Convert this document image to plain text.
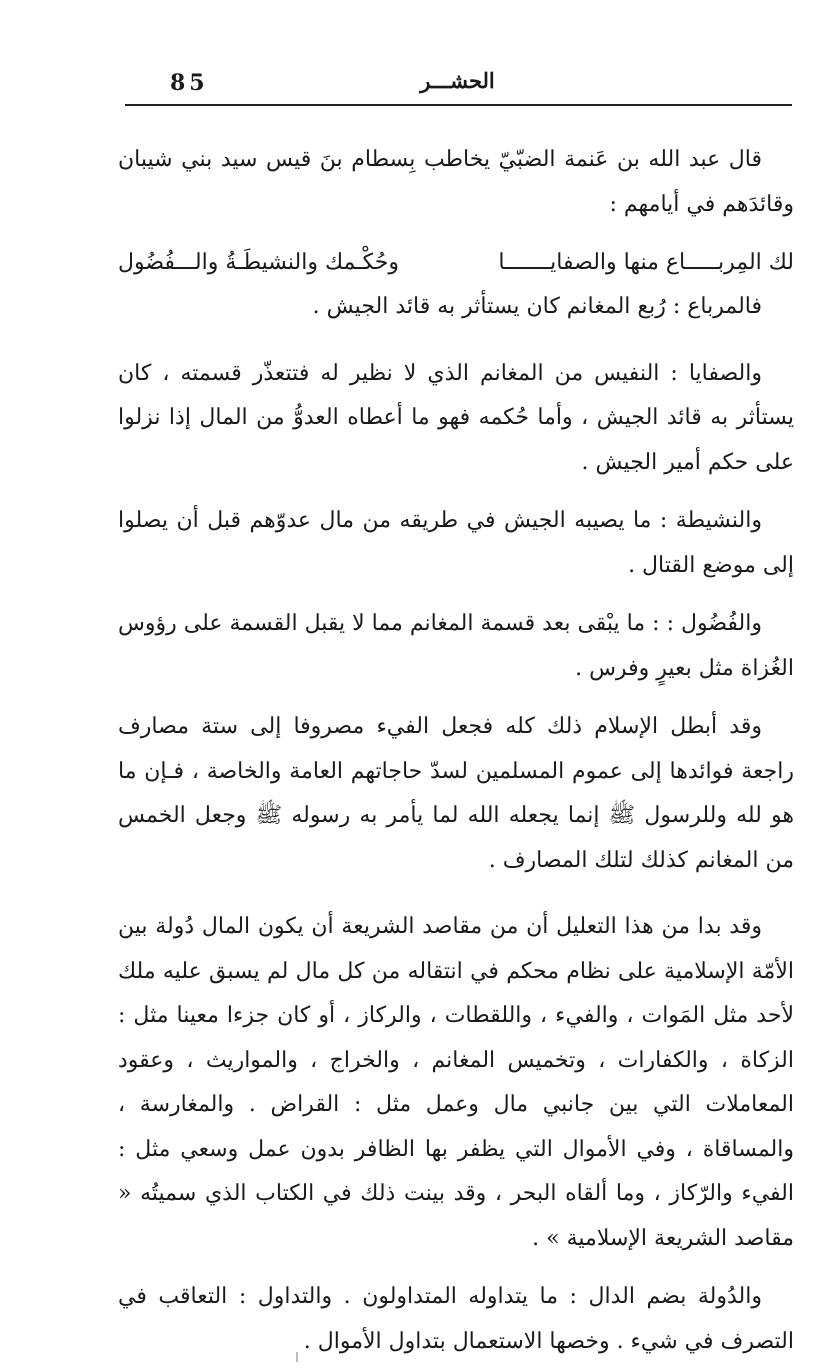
85	الحشـــر

قال عبد الله بن عَنمة الضبّيّ يخاطب بِسطام بنَ قيس سيد بني شيبان وقائدَهم في أيامهم :

لك المِربـــــاع منها والصفايـــــــا
وحُكْـمك والنشيطَـةُ والـــفُضُول

فالمرباع : رُبع المغانم كان يستأثر به قائد الجيش .

والصفايا : النفيس من المغانم الذي لا نظير له فتتعذّر قسمته ، كان يستأثر به قائد الجيش ، وأما حُكمه فهو ما أعطاه العدوُّ من المال إذا نزلوا على حكم أمير الجيش .

والنشيطة : ما يصيبه الجيش في طريقه من مال عدوّهم قبل أن يصلوا إلى موضع القتال .

والفُضُول : : ما يبْقى بعد قسمة المغانم مما لا يقبل القسمة على رؤوس الغُزاة مثل بعيرٍ وفرس .

وقد أبطل الإسلام ذلك كله فجعل الفيء مصروفا إلى ستة مصارف راجعة فوائدها إلى عموم المسلمين لسدّ حاجاتهم العامة والخاصة ، فـإن ما هو لله وللرسول ﷺ إنما يجعله الله لما يأمر به رسوله ﷺ وجعل الخمس من المغانم كذلك لتلك المصارف .

وقد بدا من هذا التعليل أن من مقاصد الشريعة أن يكون المال دُولة بين الأمّة الإسلامية على نظام محكم في انتقاله من كل مال لم يسبق عليه ملك لأحد مثل المَوات ، والفيء ، واللقطات ، والركاز ، أو كان جزءا معينا مثل : الزكاة ، والكفارات ، وتخميس المغانم ، والخراج ، والمواريث ، وعقود المعاملات التي بين جانبي مال وعمل مثل : القراض . والمغارسة ، والمساقاة ، وفي الأموال التي يظفر بها الظافر بدون عمل وسعي مثل : الفيء والرّكاز ، وما ألقاه البحر ، وقد بينت ذلك في الكتاب الذي سميتُه « مقاصد الشريعة الإسلامية » .

والدُولة بضم الدال : ما يتداوله المتداولون . والتداول : التعاقب في التصرف في شيء . وخصها الاستعمال بتداول الأموال .
